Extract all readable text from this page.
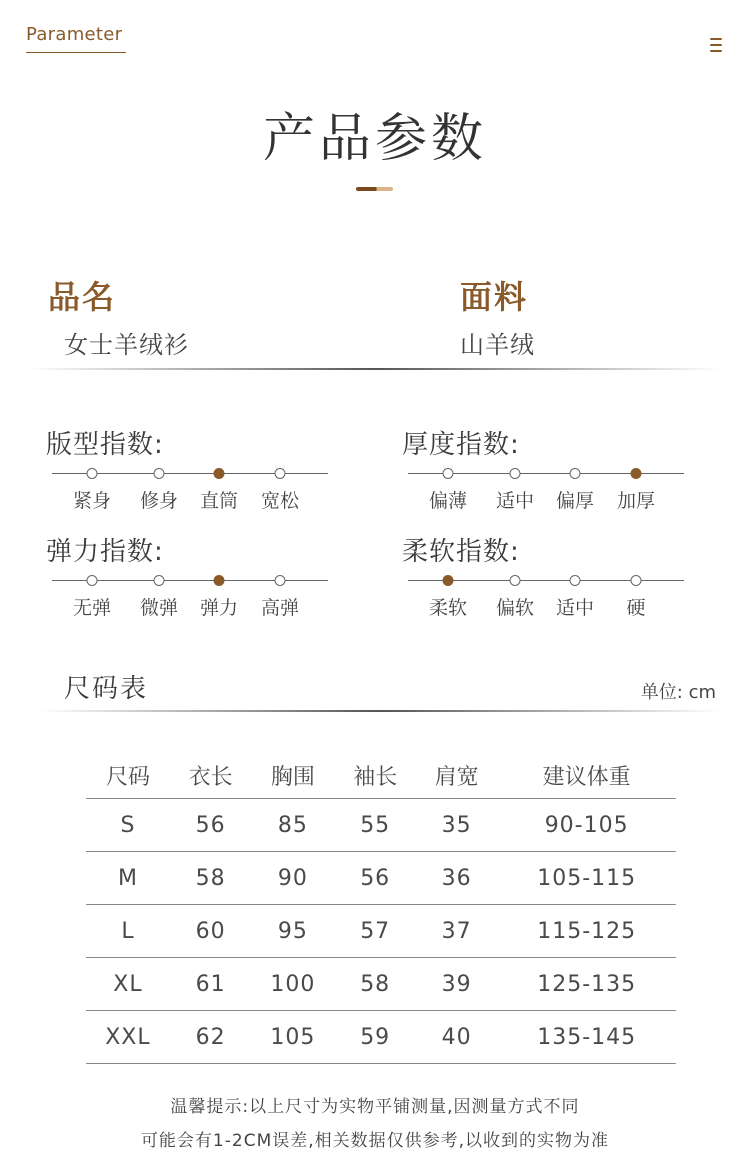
Parameter
产品参数
品名
女士羊绒衫
面料
山羊绒
版型指数:
紧身 修身 直筒 宽松
厚度指数:
偏薄 适中 偏厚 加厚
弹力指数:
无弹 微弹 弹力 高弹
柔软指数:
柔软 偏软 适中 硬
尺码表	单位: cm
尺码	衣长	胸围	袖长	肩宽	建议体重
S	56	85	55	35	90-105
M	58	90	56	36	105-115
L	60	95	57	37	115-125
XL	61	100	58	39	125-135
XXL	62	105	59	40	135-145
温馨提示:以上尺寸为实物平铺测量,因测量方式不同
可能会有1-2CM误差,相关数据仅供参考,以收到的实物为准
